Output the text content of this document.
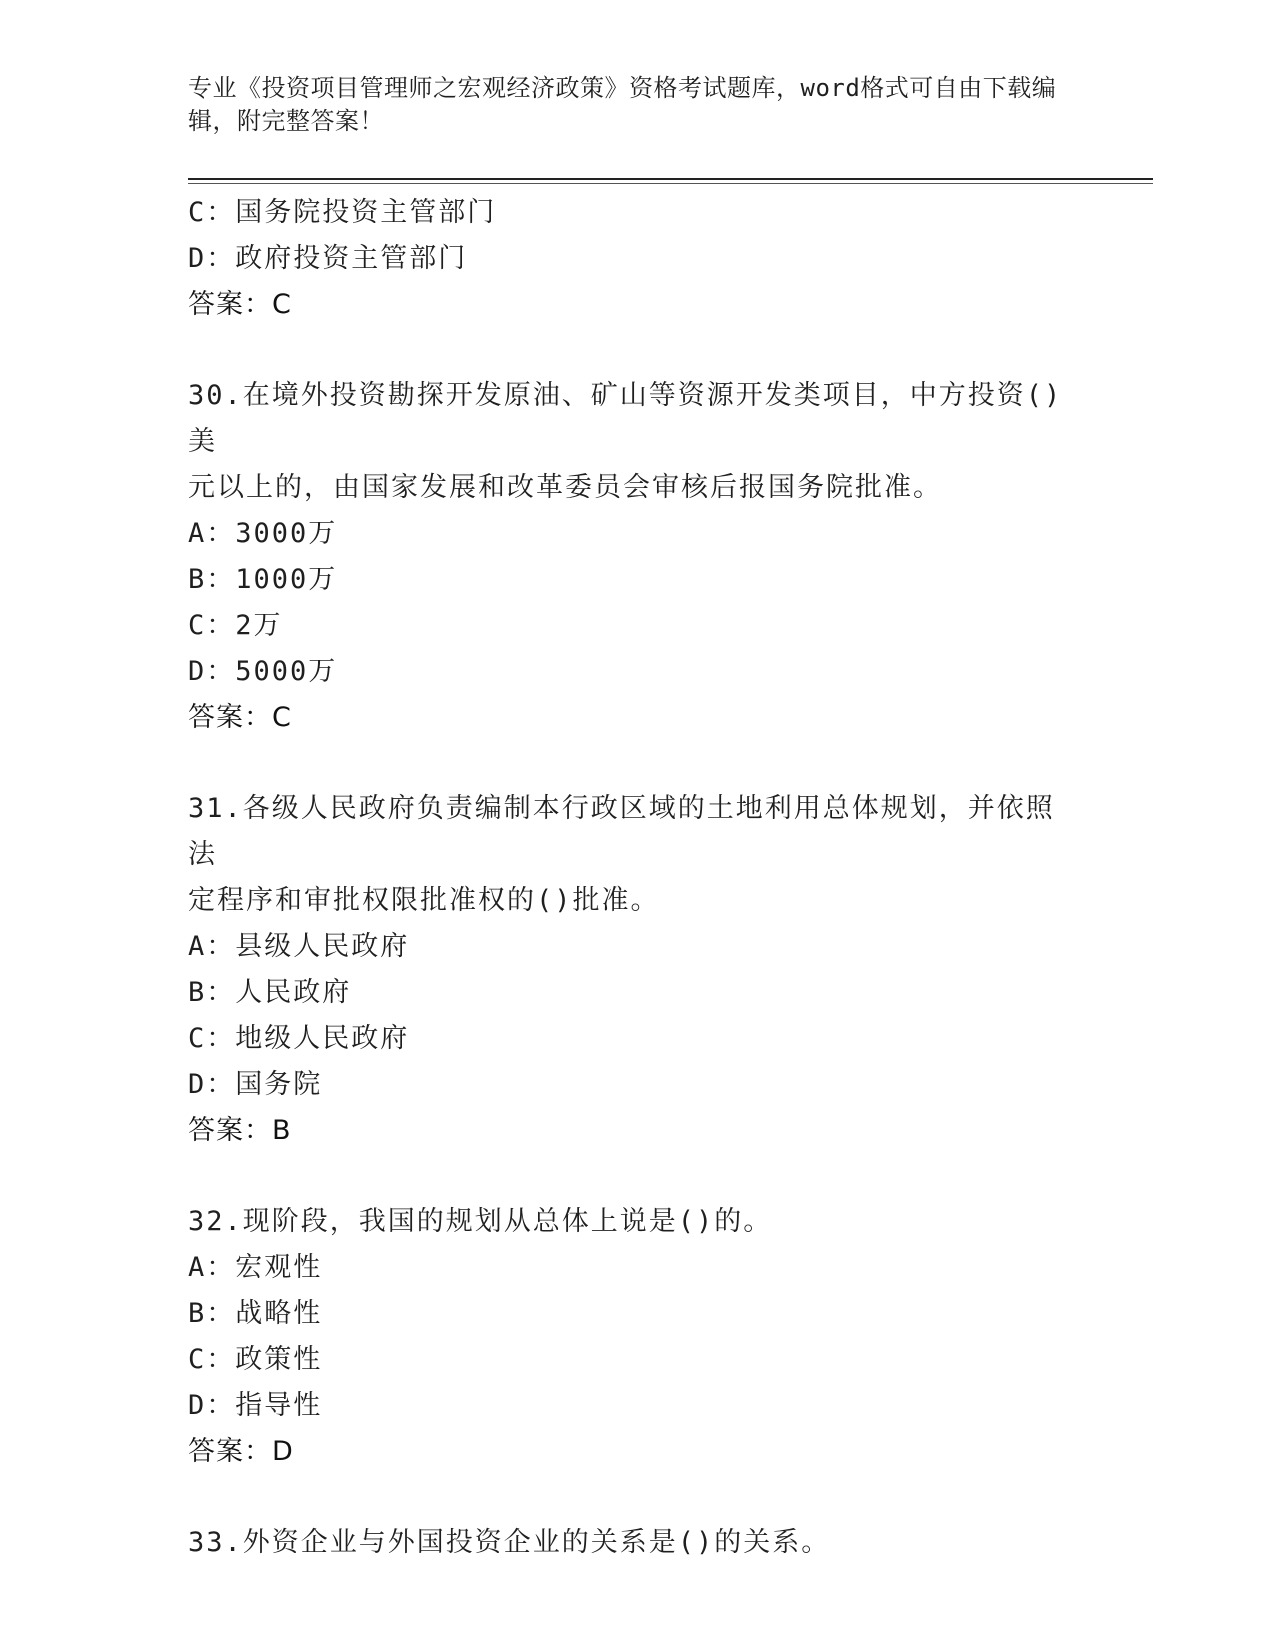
专业《投资项目管理师之宏观经济政策》资格考试题库，word格式可自由下载编辑，附完整答案！
C：国务院投资主管部门
D：政府投资主管部门
答案：C
30.在境外投资勘探开发原油、矿山等资源开发类项目，中方投资()美
元以上的，由国家发展和改革委员会审核后报国务院批准。
A：3000万
B：1000万
C：2万
D：5000万
答案：C
31.各级人民政府负责编制本行政区域的土地利用总体规划，并依照法
定程序和审批权限批准权的()批准。
A：县级人民政府
B：人民政府
C：地级人民政府
D：国务院
答案：B
32.现阶段，我国的规划从总体上说是()的。
A：宏观性
B：战略性
C：政策性
D：指导性
答案：D
33.外资企业与外国投资企业的关系是()的关系。
